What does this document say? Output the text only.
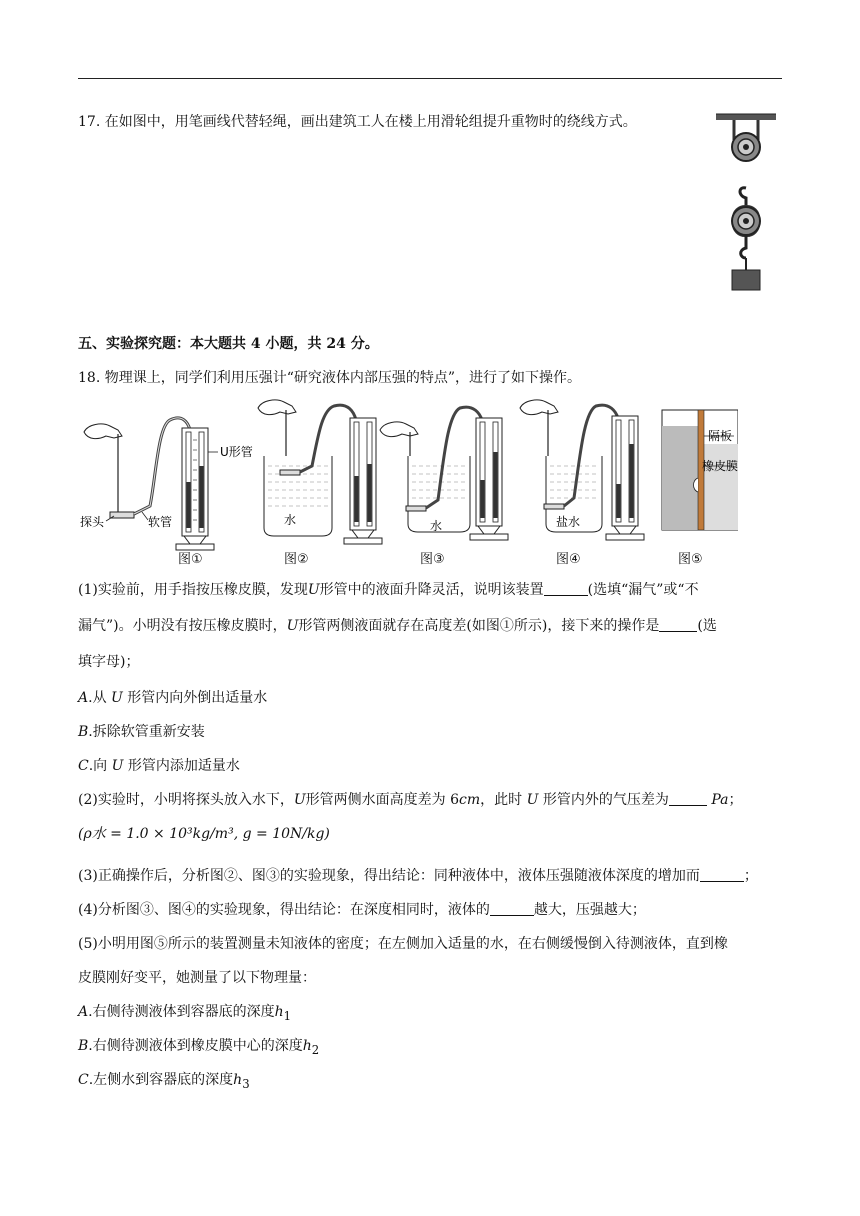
17. 在如图中，用笔画线代替轻绳，画出建筑工人在楼上用滑轮组提升重物时的绕线方式。
五、实验探究题：本大题共 4 小题，共 24 分。
18. 物理课上，同学们利用压强计“研究液体内部压强的特点”，进行了如下操作。
U形管
探头	软管	水	水	盐水
隔板
橡皮膜
图①	图②	图③	图④	图⑤
(1)实验前，用手指按压橡皮膜，发现U形管中的液面升降灵活，说明该装置	(选填“漏气”或“不
漏气”)。小明没有按压橡皮膜时，U形管两侧液面就存在高度差(如图①所示)，接下来的操作是	(选
填字母)；
A.从 U 形管内向外倒出适量水
B.拆除软管重新安装
C.向 U 形管内添加适量水
(2)实验时，小明将探头放入水下，U形管两侧水面高度差为 6cm，此时 U 形管内外的气压差为	Pa；
(ρ水 = 1.0 × 10³kg/m³, g = 10N/kg)
(3)正确操作后，分析图②、图③的实验现象，得出结论：同种液体中，液体压强随液体深度的增加而	；
(4)分析图③、图④的实验现象，得出结论：在深度相同时，液体的	越大，压强越大；
(5)小明用图⑤所示的装置测量未知液体的密度；在左侧加入适量的水，在右侧缓慢倒入待测液体，直到橡
皮膜刚好变平，她测量了以下物理量：
A.右侧待测液体到容器底的深度$h_1$
B.右侧待测液体到橡皮膜中心的深度$h_2$
C.左侧水到容器底的深度$h_3$
